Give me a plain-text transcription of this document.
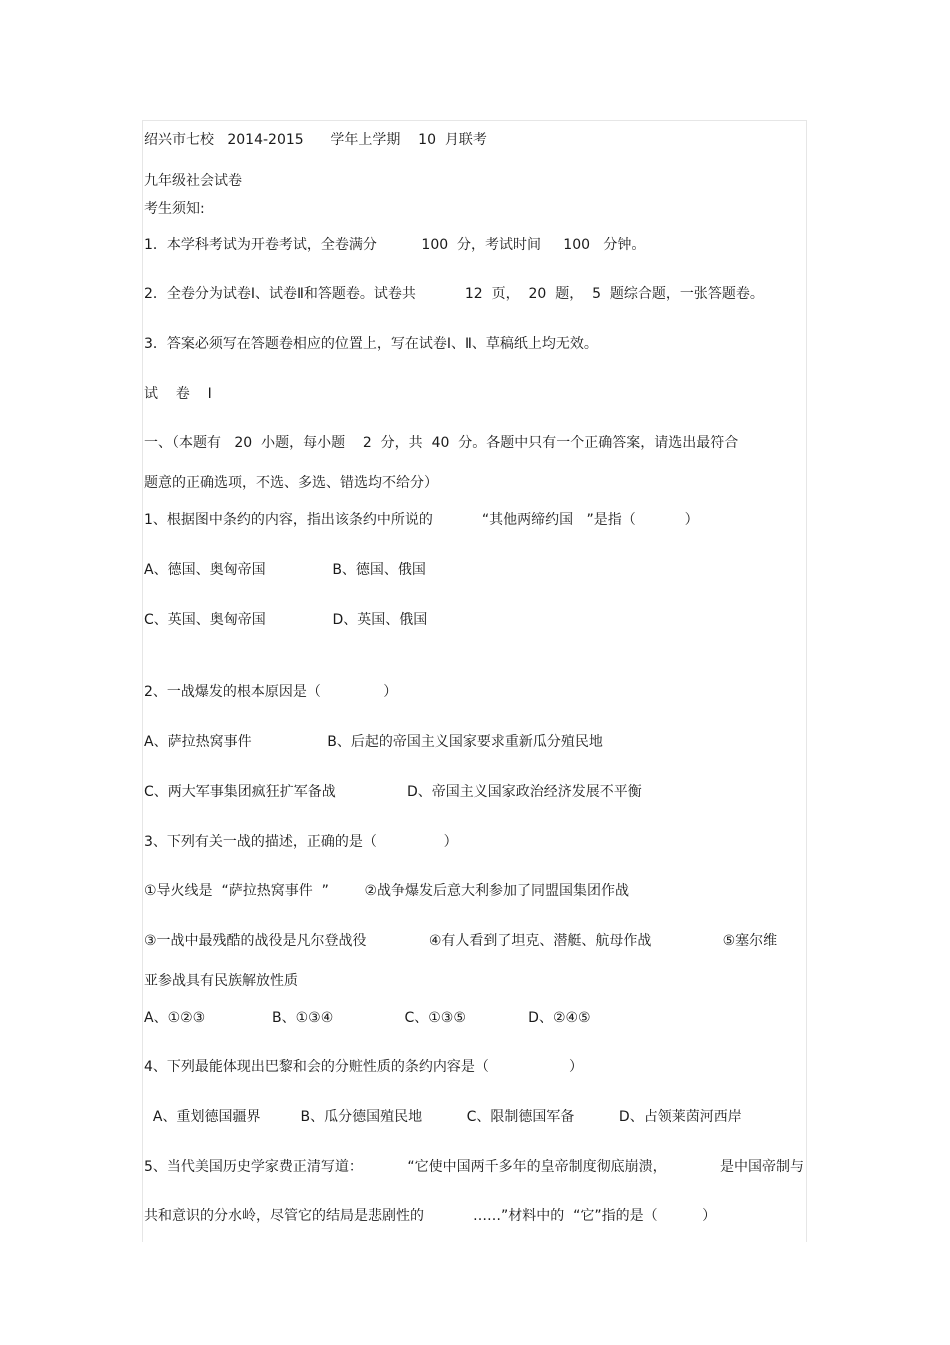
绍兴市七校   2014-2015      学年上学期    10  月联考
九年级社会试卷
考生须知:
1．本学科考试为开卷考试，全卷满分          100  分，考试时间     100   分钟。
2．全卷分为试卷Ⅰ、试卷Ⅱ和答题卷。试卷共           12  页，  20  题，  5  题综合题，一张答题卷。
3．答案必须写在答题卷相应的位置上，写在试卷Ⅰ、Ⅱ、草稿纸上均无效。
试    卷    Ⅰ
一、（本题有   20  小题，每小题    2  分，共  40  分。各题中只有一个正确答案，请选出最符合
题意的正确选项，不选、多选、错选均不给分）
1、根据图中条约的内容，指出该条约中所说的           “其他两缔约国   ”是指（           ）
A、德国、奥匈帝国               B、德国、俄国
C、英国、奥匈帝国               D、英国、俄国
2、一战爆发的根本原因是（              ）
A、萨拉热窝事件                 B、后起的帝国主义国家要求重新瓜分殖民地
C、两大军事集团疯狂扩军备战                D、帝国主义国家政治经济发展不平衡
3、下列有关一战的描述，正确的是（               ）
①导火线是  “萨拉热窝事件  ”        ②战争爆发后意大利参加了同盟国集团作战
③一战中最残酷的战役是凡尔登战役              ④有人看到了坦克、潜艇、航母作战                ⑤塞尔维
亚参战具有民族解放性质
A、①②③               B、①③④                C、①③⑤              D、②④⑤
4、下列最能体现出巴黎和会的分赃性质的条约内容是（                  ）
A、重划德国疆界         B、瓜分德国殖民地          C、限制德国军备          D、占领莱茵河西岸
5、当代美国历史学家费正清写道：          “它使中国两千多年的皇帝制度彻底崩溃，            是中国帝制与
共和意识的分水岭，尽管它的结局是悲剧性的           ……”材料中的  “它”指的是（          ）
